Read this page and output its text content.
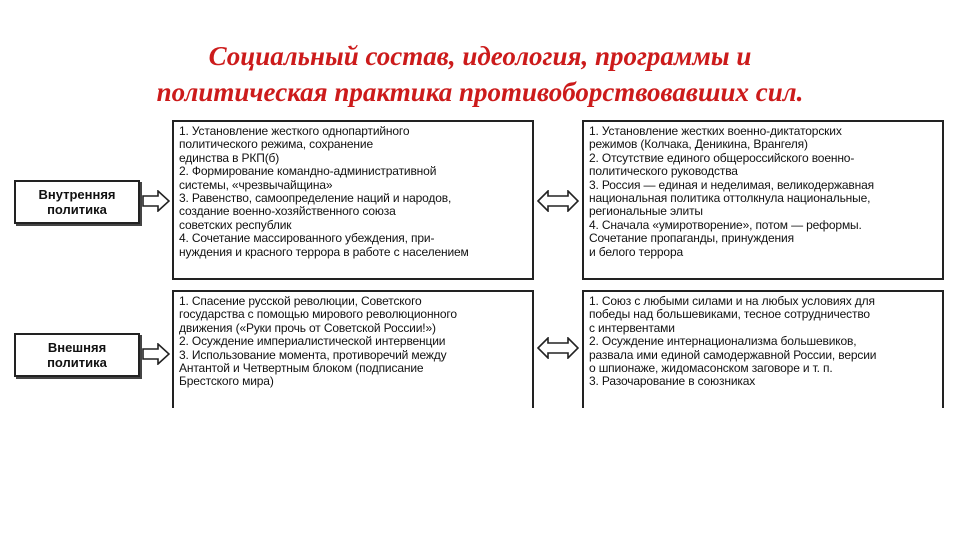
Социальный состав, идеология, программы и
политическая практика противоборствовавших сил.
Внутренняя
политика
1. Установление жесткого однопартийного
политического режима, сохранение
единства в РКП(б)
2. Формирование командно-административной
системы, «чрезвычайщина»
3. Равенство, самоопределение наций и народов,
создание военно-хозяйственного союза
советских республик
4. Сочетание массированного убеждения, при-
нуждения и красного террора в работе с населением
1. Установление жестких военно-диктаторских
режимов (Колчака, Деникина, Врангеля)
2. Отсутствие единого общероссийского военно-
политического руководства
3. Россия — единая и неделимая, великодержавная
национальная политика оттолкнула национальные,
региональные элиты
4. Сначала «умиротворение», потом — реформы.
Сочетание пропаганды, принуждения
и белого террора
Внешняя
политика
1. Спасение русской революции, Советского
государства с помощью мирового революционного
движения («Руки прочь от Советской России!»)
2. Осуждение империалистической интервенции
3. Использование момента, противоречий между
Антантой и Четвертным блоком (подписание
Брестского мира)
1. Союз с любыми силами и на любых условиях для
победы над большевиками, тесное сотрудничество
с интервентами
2. Осуждение интернационализма большевиков,
развала ими единой самодержавной России, версии
о шпионаже, жидомасонском заговоре и т. п.
3. Разочарование в союзниках
